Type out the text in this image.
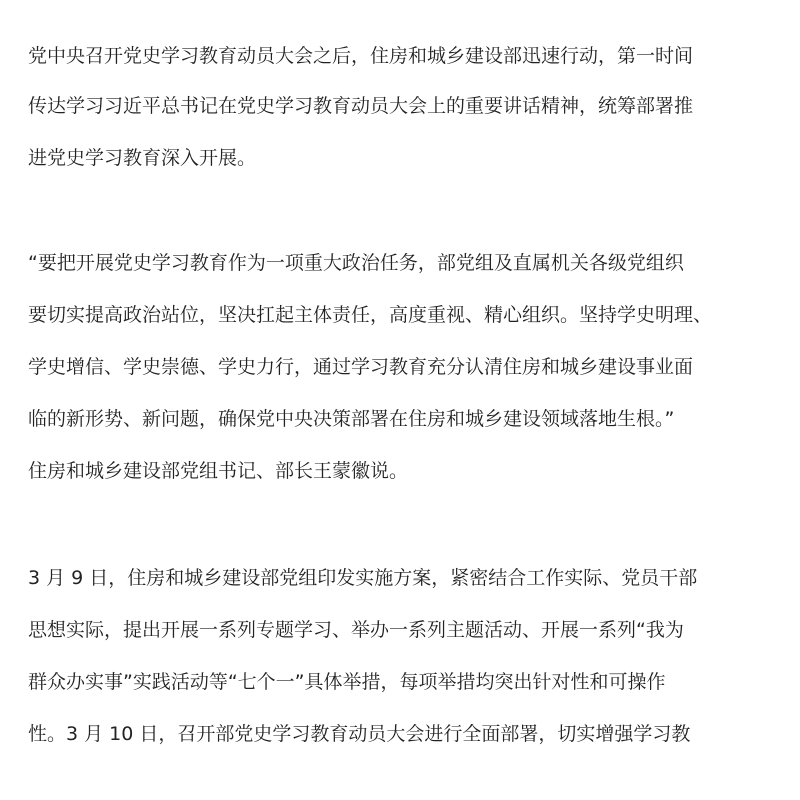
党中央召开党史学习教育动员大会之后，住房和城乡建设部迅速行动，第一时间
传达学习习近平总书记在党史学习教育动员大会上的重要讲话精神，统筹部署推
进党史学习教育深入开展。
“要把开展党史学习教育作为一项重大政治任务，部党组及直属机关各级党组织
要切实提高政治站位，坚决扛起主体责任，高度重视、精心组织。坚持学史明理、
学史增信、学史崇德、学史力行，通过学习教育充分认清住房和城乡建设事业面
临的新形势、新问题，确保党中央决策部署在住房和城乡建设领域落地生根。”
住房和城乡建设部党组书记、部长王蒙徽说。
3 月 9 日，住房和城乡建设部党组印发实施方案，紧密结合工作实际、党员干部
思想实际，提出开展一系列专题学习、举办一系列主题活动、开展一系列“我为
群众办实事”实践活动等“七个一”具体举措，每项举措均突出针对性和可操作
性。3 月 10 日，召开部党史学习教育动员大会进行全面部署，切实增强学习教
